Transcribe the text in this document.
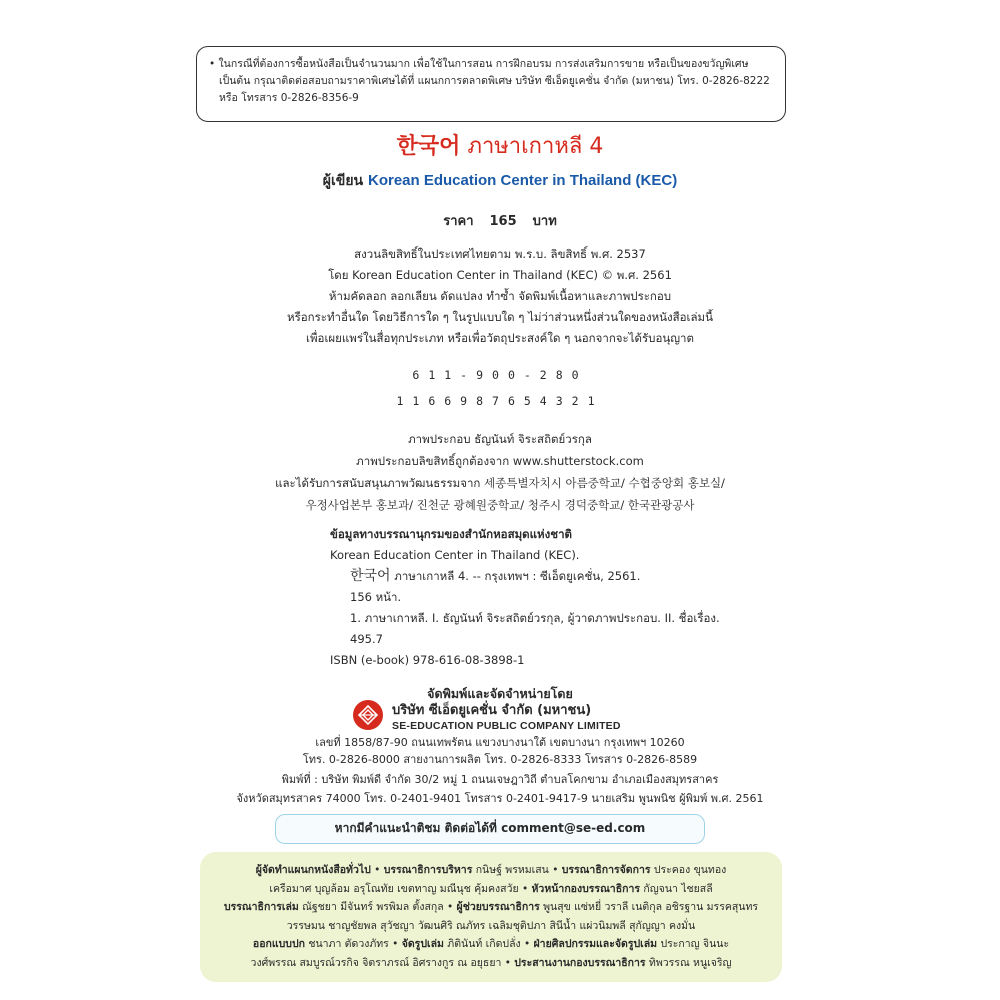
• ในกรณีที่ต้องการซื้อหนังสือเป็นจำนวนมาก เพื่อใช้ในการสอน การฝึกอบรม การส่งเสริมการขาย หรือเป็นของขวัญพิเศษ
เป็นต้น กรุณาติดต่อสอบถามราคาพิเศษได้ที่ แผนกการตลาดพิเศษ บริษัท ซีเอ็ดยูเคชั่น จำกัด (มหาชน) โทร. 0-2826-8222
หรือ โทรสาร 0-2826-8356-9
한국어 ภาษาเกาหลี 4
ผู้เขียน Korean Education Center in Thailand (KEC)
ราคา 165 บาท
สงวนลิขสิทธิ์ในประเทศไทยตาม พ.ร.บ. ลิขสิทธิ์ พ.ศ. 2537
โดย Korean Education Center in Thailand (KEC) © พ.ศ. 2561
ห้ามคัดลอก ลอกเลียน ดัดแปลง ทำซ้ำ จัดพิมพ์เนื้อหาและภาพประกอบ
หรือกระทำอื่นใด โดยวิธีการใด ๆ ในรูปแบบใด ๆ ไม่ว่าส่วนหนึ่งส่วนใดของหนังสือเล่มนี้
เพื่อเผยแพร่ในสื่อทุกประเภท หรือเพื่อวัตถุประสงค์ใด ๆ นอกจากจะได้รับอนุญาต
611-900-280
1166987654321
ภาพประกอบ ธัญนันท์ จิระสถิตย์วรกุล
ภาพประกอบลิขสิทธิ์ถูกต้องจาก www.shutterstock.com
และได้รับการสนับสนุนภาพวัฒนธรรมจาก 세종특별자치시 아름중학교/ 수협중앙회 홍보실/
우정사업본부 홍보과/ 진천군 광혜원중학교/ 청주시 경덕중학교/ 한국관광공사
ข้อมูลทางบรรณานุกรมของสำนักหอสมุดแห่งชาติ
Korean Education Center in Thailand (KEC).
한국어 ภาษาเกาหลี 4. -- กรุงเทพฯ : ซีเอ็ดยูเคชั่น, 2561.
156 หน้า.
1. ภาษาเกาหลี. I. ธัญนันท์ จิระสถิตย์วรกุล, ผู้วาดภาพประกอบ. II. ชื่อเรื่อง.
495.7
ISBN (e-book) 978-616-08-3898-1
จัดพิมพ์และจัดจำหน่ายโดย
บริษัท ซีเอ็ดยูเคชั่น จำกัด (มหาชน)
SE-EDUCATION PUBLIC COMPANY LIMITED
เลขที่ 1858/87-90 ถนนเทพรัตน แขวงบางนาใต้ เขตบางนา กรุงเทพฯ 10260
โทร. 0-2826-8000 สายงานการผลิต โทร. 0-2826-8333 โทรสาร 0-2826-8589
พิมพ์ที่ : บริษัท พิมพ์ดี จำกัด 30/2 หมู่ 1 ถนนเจษฎาวิถี ตำบลโคกขาม อำเภอเมืองสมุทรสาคร
จังหวัดสมุทรสาคร 74000 โทร. 0-2401-9401 โทรสาร 0-2401-9417-9 นายเสริม พูนพนิช ผู้พิมพ์ พ.ศ. 2561
หากมีคำแนะนำติชม ติดต่อได้ที่ comment@se-ed.com
ผู้จัดทำแผนกหนังสือทั่วไป • บรรณาธิการบริหาร กนิษฐ์ พรหมเสน • บรรณาธิการจัดการ ประคอง ขุนทอง
เครือมาศ บุญล้อม อรุโณทัย เขตทาญ มณีนุช คุ้มคงสวัย • หัวหน้ากองบรรณาธิการ กัญจนา ไชยสลี
บรรณาธิการเล่ม ณัฐชยา มีจันทร์ พรพิมล ตั้งสกุล • ผู้ช่วยบรรณาธิการ พูนสุข แซ่หยี่ วราลี เนติกุล อชิรฐาน มรรคสุนทร
วรรษมน ชาญชัยพล สุวัชญา วัฒนศิริ ณภัทร เฉลิมชุติปภา สินีน้ำ แผ่วนิมพลี สุกัญญา คงมั่น
ออกแบบปก ชนาภา ตัดวงภัทร • จัดรูปเล่ม ภิตินันท์ เกิดปลั่ง • ฝ่ายศิลปกรรมและจัดรูปเล่ม ประกาญ จินนะ
วงศ์พรรณ สมบูรณ์วรกิจ จิตราภรณ์ อิศรางกูร ณ อยุธยา • ประสานงานกองบรรณาธิการ ทิพวรรณ หนูเจริญ
